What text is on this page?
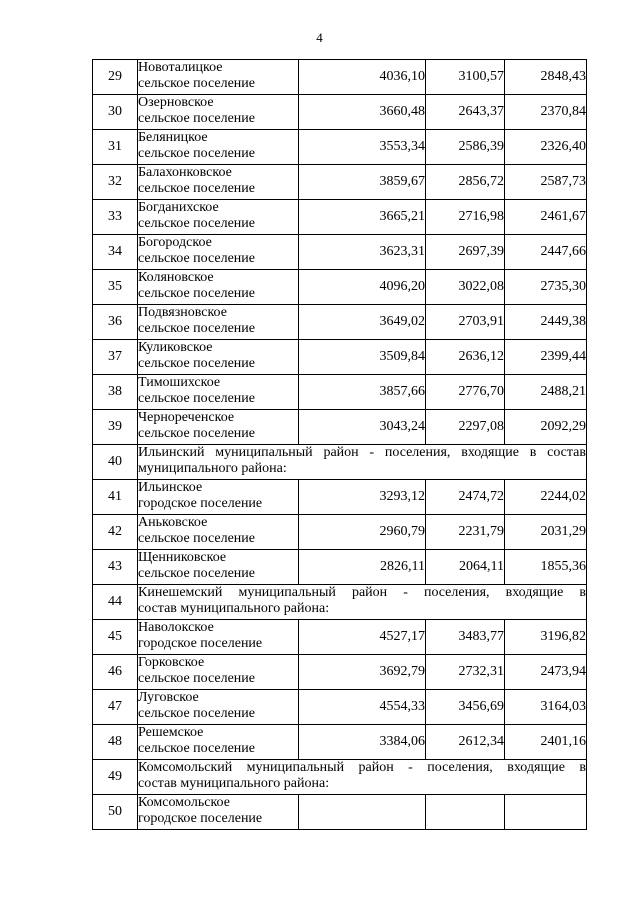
4
29	Новоталицкое
сельское поселение	4036,10	3100,57	2848,43
30	Озерновское
сельское поселение	3660,48	2643,37	2370,84
31	Беляницкое
сельское поселение	3553,34	2586,39	2326,40
32	Балахонковское
сельское поселение	3859,67	2856,72	2587,73
33	Богданихское
сельское поселение	3665,21	2716,98	2461,67
34	Богородское
сельское поселение	3623,31	2697,39	2447,66
35	Коляновское
сельское поселение	4096,20	3022,08	2735,30
36	Подвязновское
сельское поселение	3649,02	2703,91	2449,38
37	Куликовское
сельское поселение	3509,84	2636,12	2399,44
38	Тимошихское
сельское поселение	3857,66	2776,70	2488,21
39	Чернореченское
сельское поселение	3043,24	2297,08	2092,29
40	Ильинский муниципальный район - поселения, входящие в состав
муниципального района:			

41	Ильинское
городское поселение	3293,12	2474,72	2244,02
42	Аньковское
сельское поселение	2960,79	2231,79	2031,29
43	Щенниковское
сельское поселение	2826,11	2064,11	1855,36
44	Кинешемский муниципальный район - поселения, входящие в
состав муниципального района:			

45	Наволокское
городское поселение	4527,17	3483,77	3196,82
46	Горковское
сельское поселение	3692,79	2732,31	2473,94
47	Луговское
сельское поселение	4554,33	3456,69	3164,03
48	Решемское
сельское поселение	3384,06	2612,34	2401,16
49	Комсомольский муниципальный район - поселения, входящие в
состав муниципального района:			

50	Комсомольское
городское поселение			
